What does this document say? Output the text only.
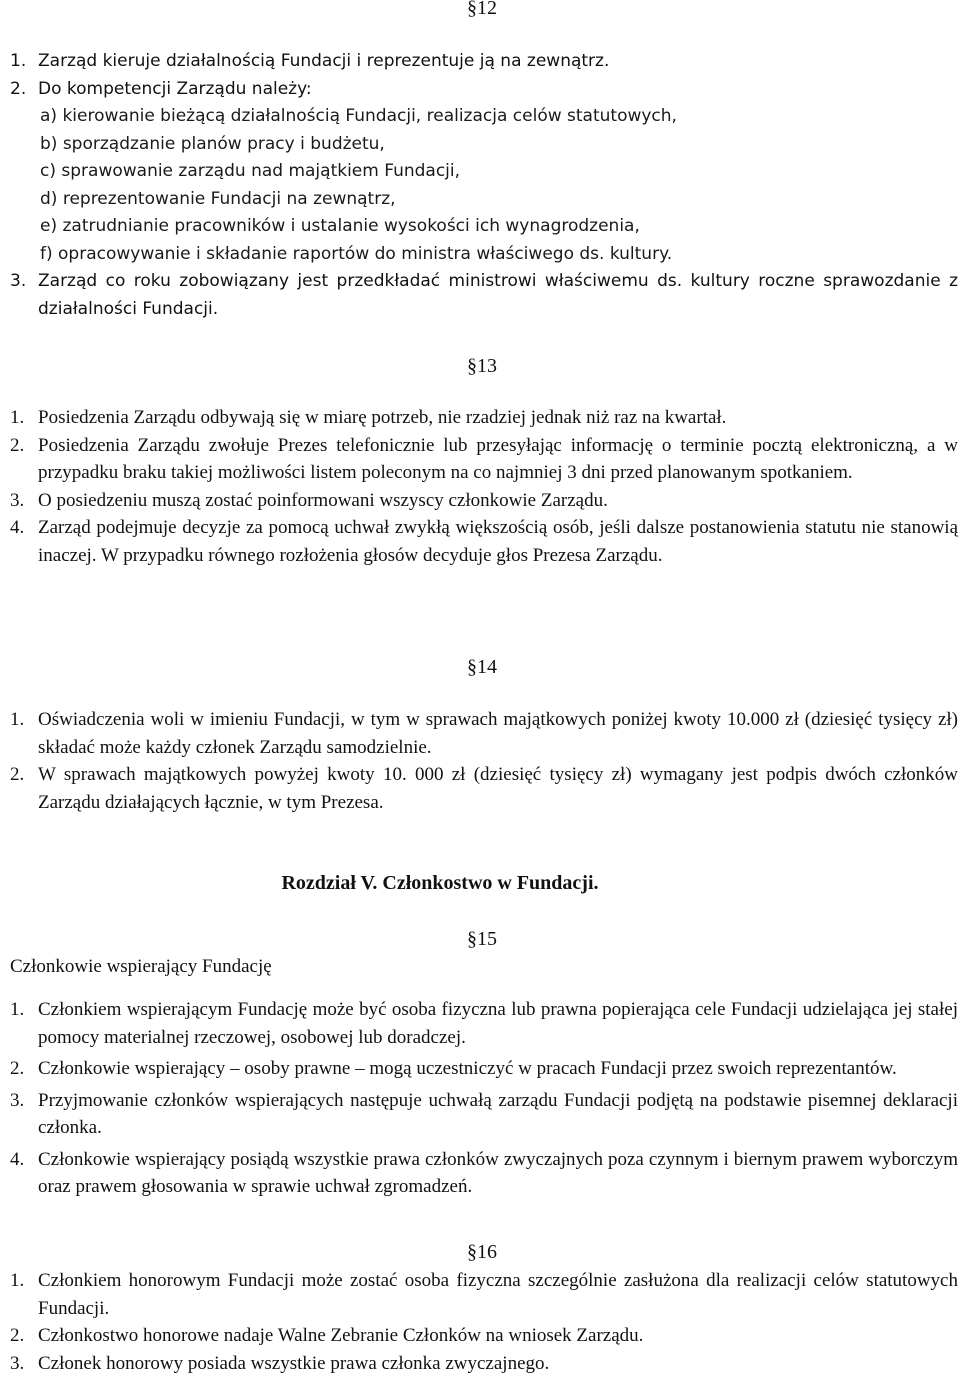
§12
1. Zarząd kieruje działalnością Fundacji i reprezentuje ją na zewnątrz.
2. Do kompetencji Zarządu należy:
a) kierowanie bieżącą działalnością Fundacji, realizacja celów statutowych,
b) sporządzanie planów pracy i budżetu,
c) sprawowanie zarządu nad majątkiem Fundacji,
d) reprezentowanie Fundacji na zewnątrz,
e) zatrudnianie pracowników i ustalanie wysokości ich wynagrodzenia,
f) opracowywanie i składanie raportów do ministra właściwego ds. kultury.
3. Zarząd co roku zobowiązany jest przedkładać ministrowi właściwemu ds. kultury roczne sprawozdanie z działalności Fundacji.
§13
1. Posiedzenia Zarządu odbywają się w miarę potrzeb, nie rzadziej jednak niż raz na kwartał.
2. Posiedzenia Zarządu zwołuje Prezes telefonicznie lub przesyłając informację o terminie pocztą elektroniczną, a w przypadku braku takiej możliwości listem poleconym na co najmniej 3 dni przed planowanym spotkaniem.
3. O posiedzeniu muszą zostać poinformowani wszyscy członkowie Zarządu.
4. Zarząd podejmuje decyzje za pomocą uchwał zwykłą większością osób, jeśli dalsze postanowienia statutu nie stanowią inaczej. W przypadku równego rozłożenia głosów decyduje głos Prezesa Zarządu.
§14
1. Oświadczenia woli w imieniu Fundacji, w tym w sprawach majątkowych poniżej kwoty 10.000 zł (dziesięć tysięcy zł) składać może każdy członek Zarządu samodzielnie.
2. W sprawach majątkowych powyżej kwoty 10. 000 zł (dziesięć tysięcy zł) wymagany jest podpis dwóch członków Zarządu działających łącznie, w tym Prezesa.
Rozdział V. Członkostwo w Fundacji.
§15
Członkowie wspierający Fundację
1. Członkiem wspierającym Fundację może być osoba fizyczna lub prawna popierająca cele Fundacji udzielająca jej stałej pomocy materialnej rzeczowej, osobowej lub doradczej.
2. Członkowie wspierający – osoby prawne – mogą uczestniczyć w pracach Fundacji przez swoich reprezentantów.
3. Przyjmowanie członków wspierających następuje uchwałą zarządu Fundacji podjętą na podstawie pisemnej deklaracji członka.
4. Członkowie wspierający posiądą wszystkie prawa członków zwyczajnych poza czynnym i biernym prawem wyborczym oraz prawem głosowania w sprawie uchwał zgromadzeń.
§16
1. Członkiem honorowym Fundacji może zostać osoba fizyczna szczególnie zasłużona dla realizacji celów statutowych Fundacji.
2. Członkostwo honorowe nadaje Walne Zebranie Członków na wniosek Zarządu.
3. Członek honorowy posiada wszystkie prawa członka zwyczajnego.
